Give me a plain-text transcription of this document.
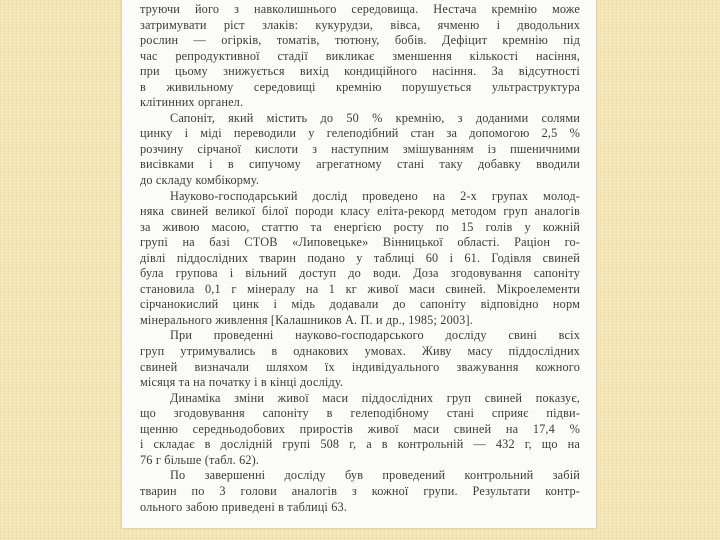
труючи його з навколишнього середовища. Нестача кремнію може
затримувати ріст злаків: кукурудзи, вівса, ячменю і дводольних
рослин — огірків, томатів, тютюну, бобів. Дефіцит кремнію під
час репродуктивної стадії викликає зменшення кількості насіння,
при цьому знижується вихід кондиційного насіння. За відсутності
в живильному середовищі кремнію порушується ультраструктура
клітинних органел.
Сапоніт, який містить до 50 % кремнію, з доданими солями
цинку і міді переводили у гелеподібний стан за допомогою 2,5 %
розчину сірчаної кислоти з наступним змішуванням із пшеничними
висівками і в сипучому агрегатному стані таку добавку вводили
до складу комбікорму.
Науково-господарський дослід проведено на 2-х групах молод-
няка свиней великої білої породи класу еліта-рекорд методом груп аналогів
за живою масою, статтю та енергією росту по 15 голів у кожній
групі на базі СТОВ «Липовецьке» Вінницької області. Раціон го-
дівлі піддослідних тварин подано у таблиці 60 і 61. Годівля свиней
була групова і вільний доступ до води. Доза згодовування сапоніту
становила 0,1 г мінералу на 1 кг живої маси свиней. Мікроелементи
сірчанокислий цинк і мідь додавали до сапоніту відповідно норм
мінерального живлення [Калашников А. П. и др., 1985; 2003].
При проведенні науково-господарського досліду свині всіх
груп утримувались в однакових умовах. Живу масу піддослідних
свиней визначали шляхом їх індивідуального зважування кожного
місяця та на початку і в кінці досліду.
Динаміка зміни живої маси піддослідних груп свиней показує,
що згодовування сапоніту в гелеподібному стані сприяє підви-
щенню середньодобових приростів живої маси свиней на 17,4 %
і складає в дослідній групі 508 г, а в контрольній — 432 г, що на
76 г більше (табл. 62).
По завершенні досліду був проведений контрольний забій
тварин по 3 голови аналогів з кожної групи. Результати контр-
ольного забою приведені в таблиці 63.
